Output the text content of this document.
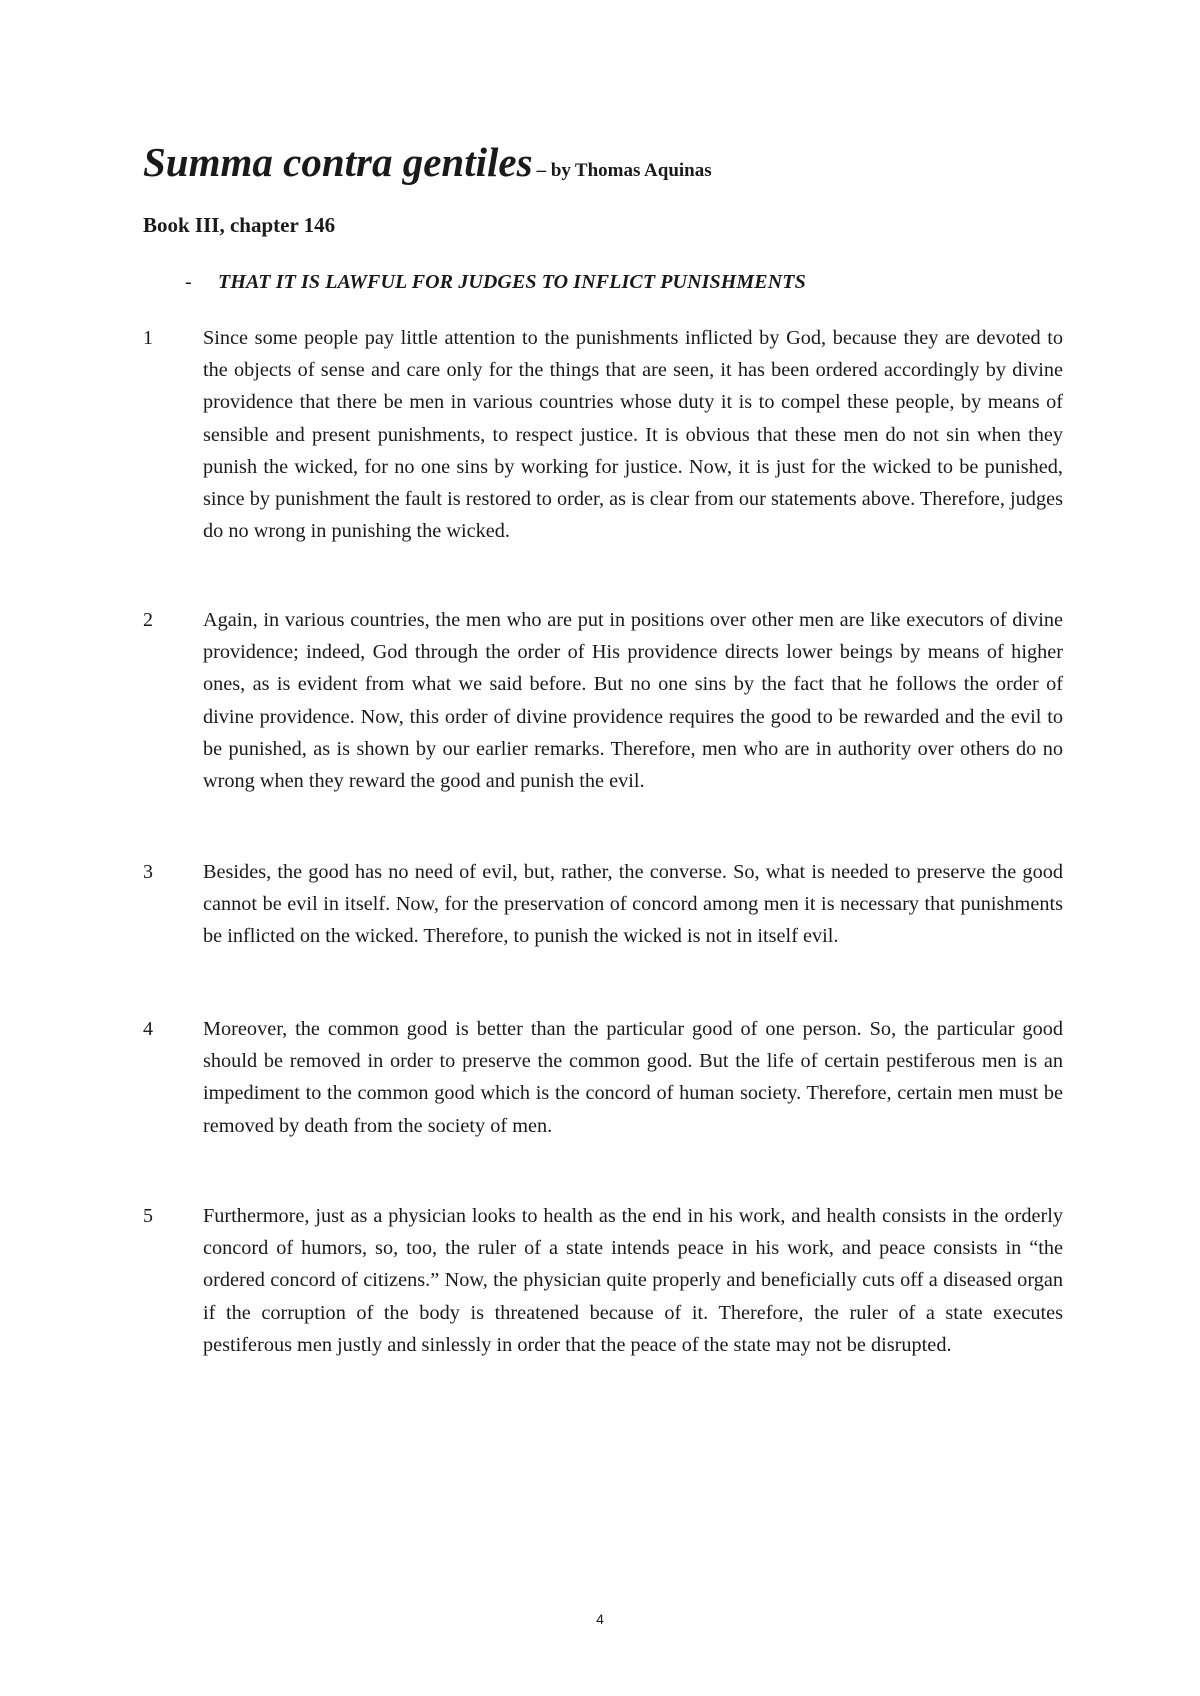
Summa contra gentiles – by Thomas Aquinas
Book III, chapter 146
- THAT IT IS LAWFUL FOR JUDGES TO INFLICT PUNISHMENTS
1 Since some people pay little attention to the punishments inflicted by God, because they are devoted to the objects of sense and care only for the things that are seen, it has been ordered accordingly by divine providence that there be men in various countries whose duty it is to compel these people, by means of sensible and present punishments, to respect justice. It is obvious that these men do not sin when they punish the wicked, for no one sins by working for justice. Now, it is just for the wicked to be punished, since by punishment the fault is restored to order, as is clear from our statements above. Therefore, judges do no wrong in punishing the wicked.
2 Again, in various countries, the men who are put in positions over other men are like executors of divine providence; indeed, God through the order of His providence directs lower beings by means of higher ones, as is evident from what we said before. But no one sins by the fact that he follows the order of divine providence. Now, this order of divine providence requires the good to be rewarded and the evil to be punished, as is shown by our earlier remarks. Therefore, men who are in authority over others do no wrong when they reward the good and punish the evil.
3 Besides, the good has no need of evil, but, rather, the converse. So, what is needed to preserve the good cannot be evil in itself. Now, for the preservation of concord among men it is necessary that punishments be inflicted on the wicked. Therefore, to punish the wicked is not in itself evil.
4 Moreover, the common good is better than the particular good of one person. So, the particular good should be removed in order to preserve the common good. But the life of certain pestiferous men is an impediment to the common good which is the concord of human society. Therefore, certain men must be removed by death from the society of men.
5 Furthermore, just as a physician looks to health as the end in his work, and health consists in the orderly concord of humors, so, too, the ruler of a state intends peace in his work, and peace consists in “the ordered concord of citizens.” Now, the physician quite properly and beneficially cuts off a diseased organ if the corruption of the body is threatened because of it. Therefore, the ruler of a state executes pestiferous men justly and sinlessly in order that the peace of the state may not be disrupted.
4
